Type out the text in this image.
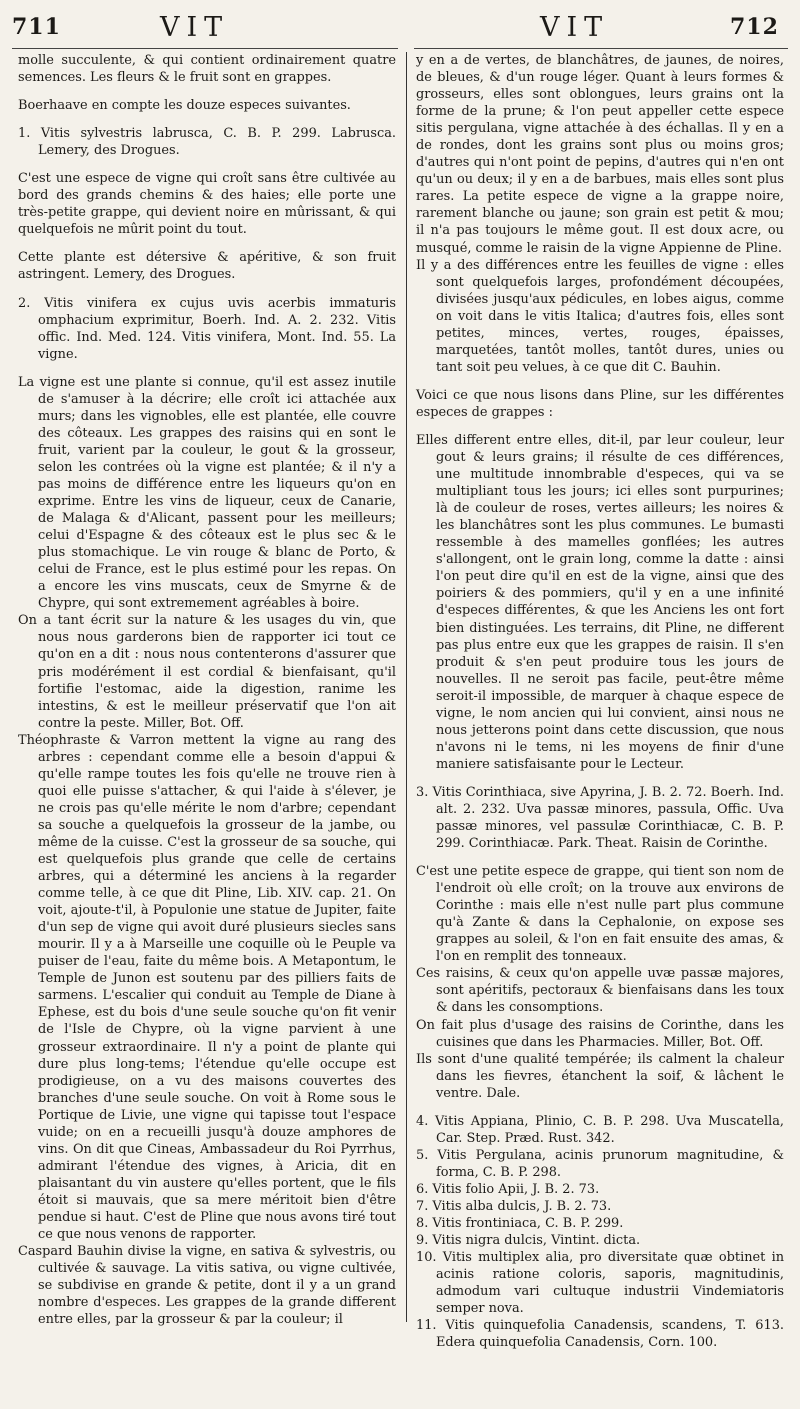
711	VIT	VIT	712

molle succulente, & qui contient ordinairement quatre semences. Les fleurs & le fruit sont en grappes.

Boerhaave en compte les douze especes suivantes.

1. Vitis sylvestris labrusca, C. B. P. 299. Labrusca. Lemery, des Drogues.

C'est une espece de vigne qui croît sans être cultivée au bord des grands chemins & des haies; elle porte une très-petite grappe, qui devient noire en mûrissant, & qui quelquefois ne mûrit point du tout.

Cette plante est détersive & apéritive, & son fruit astringent. Lemery, des Drogues.

2. Vitis vinifera ex cujus uvis acerbis immaturis omphacium exprimitur, Boerh. Ind. A. 2. 232. Vitis offic. Ind. Med. 124. Vitis vinifera, Mont. Ind. 55. La vigne.

La vigne est une plante si connue, qu'il est assez inutile de s'amuser à la décrire; elle croît ici attachée aux murs; dans les vignobles, elle est plantée, elle couvre des côteaux. Les grappes des raisins qui en sont le fruit, varient par la couleur, le gout & la grosseur, selon les contrées où la vigne est plantée; & il n'y a pas moins de différence entre les liqueurs qu'on en exprime. Entre les vins de liqueur, ceux de Canarie, de Malaga & d'Alicant, passent pour les meilleurs; celui d'Espagne & des côteaux est le plus sec & le plus stomachique. Le vin rouge & blanc de Porto, & celui de France, est le plus estimé pour les repas. On a encore les vins muscats, ceux de Smyrne & de Chypre, qui sont extremement agréables à boire.

On a tant écrit sur la nature & les usages du vin, que nous nous garderons bien de rapporter ici tout ce qu'on en a dit : nous nous contenterons d'assurer que pris modérément il est cordial & bienfaisant, qu'il fortifie l'estomac, aide la digestion, ranime les intestins, & est le meilleur préservatif que l'on ait contre la peste. Miller, Bot. Off.

Théophraste & Varron mettent la vigne au rang des arbres : cependant comme elle a besoin d'appui & qu'elle rampe toutes les fois qu'elle ne trouve rien à quoi elle puisse s'attacher, & qui l'aide à s'élever, je ne crois pas qu'elle mérite le nom d'arbre; cependant sa souche a quelquefois la grosseur de la jambe, ou même de la cuisse. C'est la grosseur de sa souche, qui est quelquefois plus grande que celle de certains arbres, qui a déterminé les anciens à la regarder comme telle, à ce que dit Pline, Lib. XIV. cap. 21. On voit, ajoute-t'il, à Populonie une statue de Jupiter, faite d'un sep de vigne qui avoit duré plusieurs siecles sans mourir. Il y a à Marseille une coquille où le Peuple va puiser de l'eau, faite du même bois. A Metapontum, le Temple de Junon est soutenu par des pilliers faits de sarmens. L'escalier qui conduit au Temple de Diane à Ephese, est du bois d'une seule souche qu'on fit venir de l'Isle de Chypre, où la vigne parvient à une grosseur extraordinaire. Il n'y a point de plante qui dure plus long-tems; l'étendue qu'elle occupe est prodigieuse, on a vu des maisons couvertes des branches d'une seule souche. On voit à Rome sous le Portique de Livie, une vigne qui tapisse tout l'espace vuide; on en a recueilli jusqu'à douze amphores de vins. On dit que Cineas, Ambassadeur du Roi Pyrrhus, admirant l'étendue des vignes, à Aricia, dit en plaisantant du vin austere qu'elles portent, que le fils étoit si mauvais, que sa mere méritoit bien d'être pendue si haut. C'est de Pline que nous avons tiré tout ce que nous venons de rapporter.

Caspard Bauhin divise la vigne, en sativa & sylvestris, ou cultivée & sauvage. La vitis sativa, ou vigne cultivée, se subdivise en grande & petite, dont il y a un grand nombre d'especes. Les grappes de la grande different entre elles, par la grosseur & par la couleur; il

y en a de vertes, de blanchâtres, de jaunes, de noires, de bleues, & d'un rouge léger. Quant à leurs formes & grosseurs, elles sont oblongues, leurs grains ont la forme de la prune; & l'on peut appeller cette espece sitis pergulana, vigne attachée à des échallas. Il y en a de rondes, dont les grains sont plus ou moins gros; d'autres qui n'ont point de pepins, d'autres qui n'en ont qu'un ou deux; il y en a de barbues, mais elles sont plus rares. La petite espece de vigne a la grappe noire, rarement blanche ou jaune; son grain est petit & mou; il n'a pas toujours le même gout. Il est doux acre, ou musqué, comme le raisin de la vigne Appienne de Pline.

Il y a des différences entre les feuilles de vigne : elles sont quelquefois larges, profondément découpées, divisées jusqu'aux pédicules, en lobes aigus, comme on voit dans le vitis Italica; d'autres fois, elles sont petites, minces, vertes, rouges, épaisses, marquetées, tantôt molles, tantôt dures, unies ou tant soit peu velues, à ce que dit C. Bauhin.

Voici ce que nous lisons dans Pline, sur les différentes especes de grappes :

Elles different entre elles, dit-il, par leur couleur, leur gout & leurs grains; il résulte de ces différences, une multitude innombrable d'especes, qui va se multipliant tous les jours; ici elles sont purpurines; là de couleur de roses, vertes ailleurs; les noires & les blanchâtres sont les plus communes. Le bumasti ressemble à des mamelles gonflées; les autres s'allongent, ont le grain long, comme la datte : ainsi l'on peut dire qu'il en est de la vigne, ainsi que des poiriers & des pommiers, qu'il y en a une infinité d'especes différentes, & que les Anciens les ont fort bien distinguées. Les terrains, dit Pline, ne different pas plus entre eux que les grappes de raisin. Il s'en produit & s'en peut produire tous les jours de nouvelles. Il ne seroit pas facile, peut-être même seroit-il impossible, de marquer à chaque espece de vigne, le nom ancien qui lui convient, ainsi nous ne nous jetterons point dans cette discussion, que nous n'avons ni le tems, ni les moyens de finir d'une maniere satisfaisante pour le Lecteur.

3. Vitis Corinthiaca, sive Apyrina, J. B. 2. 72. Boerh. Ind. alt. 2. 232. Uva passæ minores, passula, Offic. Uva passæ minores, vel passulæ Corinthiacæ, C. B. P. 299. Corinthiacæ. Park. Theat. Raisin de Corinthe.

C'est une petite espece de grappe, qui tient son nom de l'endroit où elle croît; on la trouve aux environs de Corinthe : mais elle n'est nulle part plus commune qu'à Zante & dans la Cephalonie, on expose ses grappes au soleil, & l'on en fait ensuite des amas, & l'on en remplit des tonneaux.

Ces raisins, & ceux qu'on appelle uvæ passæ majores, sont apéritifs, pectoraux & bienfaisans dans les toux & dans les consomptions.

On fait plus d'usage des raisins de Corinthe, dans les cuisines que dans les Pharmacies. Miller, Bot. Off.

Ils sont d'une qualité tempérée; ils calment la chaleur dans les fievres, étanchent la soif, & lâchent le ventre. Dale.

4. Vitis Appiana, Plinio, C. B. P. 298. Uva Muscatella, Car. Step. Præd. Rust. 342.

5. Vitis Pergulana, acinis prunorum magnitudine, & forma, C. B. P. 298.

6. Vitis folio Apii, J. B. 2. 73.

7. Vitis alba dulcis, J. B. 2. 73.

8. Vitis frontiniaca, C. B. P. 299.

9. Vitis nigra dulcis, Vintint. dicta.

10. Vitis multiplex alia, pro diversitate quæ obtinet in acinis ratione coloris, saporis, magnitudinis, admodum vari cultuque industrii Vindemiatoris semper nova.

11. Vitis quinquefolia Canadensis, scandens, T. 613. Edera quinquefolia Canadensis, Corn. 100.
